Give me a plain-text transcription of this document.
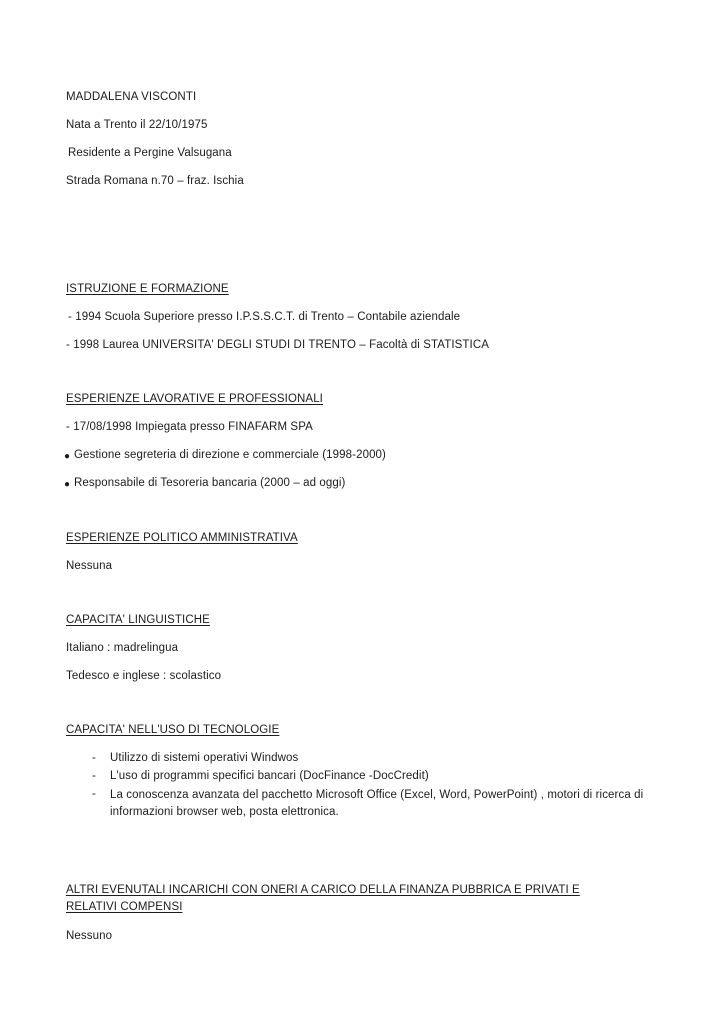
MADDALENA VISCONTI
Nata a Trento il 22/10/1975
Residente a Pergine Valsugana
Strada Romana n.70 – fraz. Ischia
ISTRUZIONE E FORMAZIONE
- 1994 Scuola Superiore presso I.P.S.S.C.T. di Trento – Contabile aziendale
- 1998 Laurea UNIVERSITA' DEGLI STUDI DI TRENTO – Facoltà di STATISTICA
ESPERIENZE LAVORATIVE E PROFESSIONALI
- 17/08/1998 Impiegata presso FINAFARM SPA
● Gestione segreteria di direzione e commerciale (1998-2000)
● Responsabile di Tesoreria bancaria (2000 – ad oggi)
ESPERIENZE POLITICO AMMINISTRATIVA
Nessuna
CAPACITA' LINGUISTICHE
Italiano : madrelingua
Tedesco e inglese : scolastico
CAPACITA' NELL'USO DI TECNOLOGIE
- Utilizzo di sistemi operativi Windwos
- L'uso di programmi specifici bancari (DocFinance -DocCredit)
- La conoscenza avanzata del pacchetto Microsoft Office (Excel, Word, PowerPoint) , motori di ricerca di informazioni browser web, posta elettronica.
ALTRI EVENUTALI INCARICHI CON ONERI A CARICO DELLA FINANZA PUBBRICA E PRIVATI E RELATIVI COMPENSI
Nessuno
